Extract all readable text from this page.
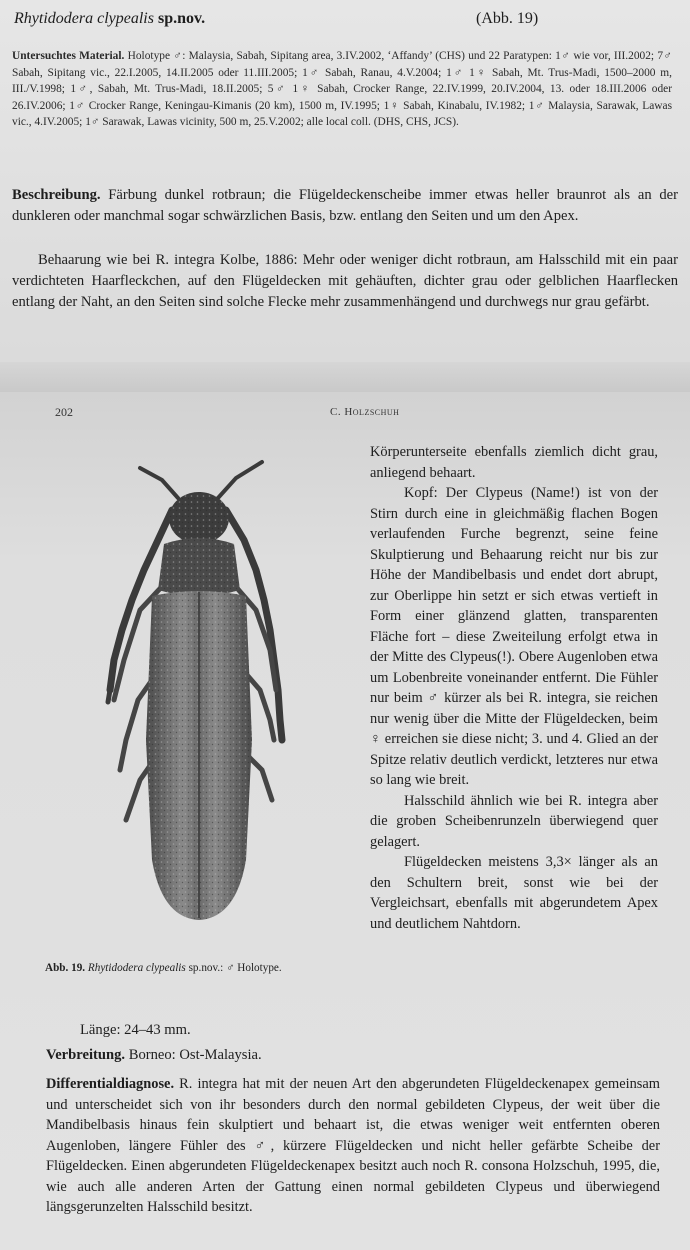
Rhytidodera clypealis sp.nov.	(Abb. 19)

Untersuchtes Material. Holotype ♂: Malaysia, Sabah, Sipitang area, 3.IV.2002, ‘Affandy’ (CHS) und 22 Paratypen: 1♂ wie vor, III.2002; 7♂ Sabah, Sipitang vic., 22.I.2005, 14.II.2005 oder 11.III.2005; 1♂ Sabah, Ranau, 4.V.2004; 1♂ 1♀ Sabah, Mt. Trus-Madi, 1500–2000 m, III./V.1998; 1♂, Sabah, Mt. Trus-Madi, 18.II.2005; 5♂ 1♀ Sabah, Crocker Range, 22.IV.1999, 20.IV.2004, 13. oder 18.III.2006 oder 26.IV.2006; 1♂ Crocker Range, Keningau-Kimanis (20 km), 1500 m, IV.1995; 1♀ Sabah, Kinabalu, IV.1982; 1♂ Malaysia, Sarawak, Lawas vic., 4.IV.2005; 1♂ Sarawak, Lawas vicinity, 500 m, 25.V.2002; alle local coll. (DHS, CHS, JCS).

Beschreibung. Färbung dunkel rotbraun; die Flügeldeckenscheibe immer etwas heller braunrot als an der dunkleren oder manchmal sogar schwärzlichen Basis, bzw. entlang den Seiten und um den Apex.

Behaarung wie bei R. integra Kolbe, 1886: Mehr oder weniger dicht rotbraun, am Halsschild mit ein paar verdichteten Haarfleckchen, auf den Flügeldecken mit gehäuften, dichter grau oder gelblichen Haarflecken entlang der Naht, an den Seiten sind solche Flecke mehr zusammenhängend und durchwegs nur grau gefärbt.

202	C. Holzschuh
Abb. 19. Rhytidodera clypealis sp.nov.: ♂ Holotype.

Körperunterseite ebenfalls ziemlich dicht grau, anliegend behaart.

Kopf: Der Clypeus (Name!) ist von der Stirn durch eine in gleichmäßig flachen Bogen verlaufenden Furche begrenzt, seine feine Skulptierung und Behaarung reicht nur bis zur Höhe der Mandibelbasis und endet dort abrupt, zur Oberlippe hin setzt er sich etwas vertieft in Form einer glänzend glatten, transparenten Fläche fort – diese Zweiteilung erfolgt etwa in der Mitte des Clypeus(!). Obere Augenloben etwa um Lobenbreite voneinander entfernt. Die Fühler nur beim ♂ kürzer als bei R. integra, sie reichen nur wenig über die Mitte der Flügeldecken, beim ♀ erreichen sie diese nicht; 3. und 4. Glied an der Spitze relativ deutlich verdickt, letzteres nur etwa so lang wie breit.

Halsschild ähnlich wie bei R. integra aber die groben Scheibenrunzeln überwiegend quer gelagert.

Flügeldecken meistens 3,3× länger als an den Schultern breit, sonst wie bei der Vergleichsart, ebenfalls mit abgerundetem Apex und deutlichem Nahtdorn.

Länge: 24–43 mm.
Verbreitung. Borneo: Ost-Malaysia.

Differentialdiagnose. R. integra hat mit der neuen Art den abgerundeten Flügeldeckenapex gemeinsam und unterscheidet sich von ihr besonders durch den normal gebildeten Clypeus, der weit über die Mandibelbasis hinaus fein skulptiert und behaart ist, die etwas weniger weit entfernten oberen Augenloben, längere Fühler des ♂, kürzere Flügeldecken und nicht heller gefärbte Scheibe der Flügeldecken. Einen abgerundeten Flügeldeckenapex besitzt auch noch R. consona Holzschuh, 1995, die, wie auch alle anderen Arten der Gattung einen normal gebildeten Clypeus und überwiegend längsgerunzelten Halsschild besitzt.
